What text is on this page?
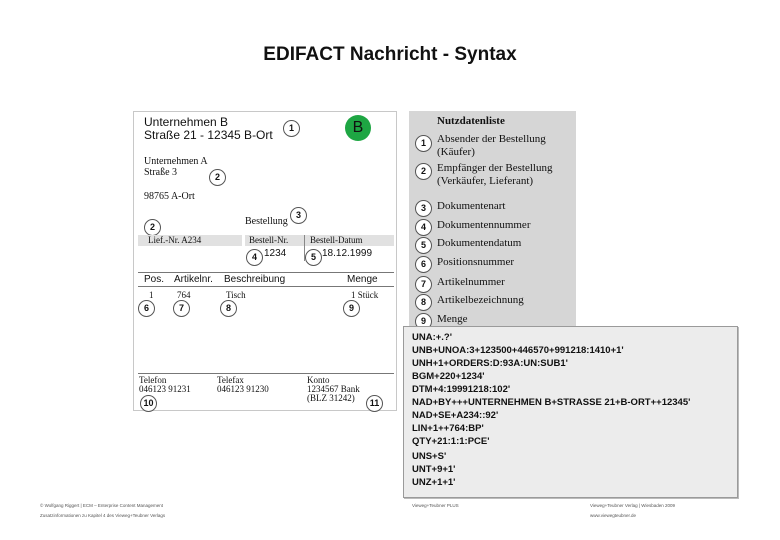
EDIFACT Nachricht - Syntax
Unternehmen B
Straße 21 - 12345 B-Ort	1	B
Unternehmen A
Straße 3	2
98765 A-Ort
2	Bestellung
3
Lief.-Nr. A234	Bestell-Nr. Bestell-Datum
4 1234	5 18.12.1999
Pos. Artikelnr. Beschreibung	Menge
1	764	Tisch	1 Stück
6	7	8	9
Telefon
046123 91231
Telefax
046123 91230
Konto
1234567 Bank
(BLZ 31242)
10	11
Nutzdatenliste
1	Absender der Bestellung
(Käufer)
2	Empfänger der Bestellung
(Verkäufer, Lieferant)
3	Dokumentenart
4	Dokumentennummer
5	Dokumentendatum
6	Positionsnummer
7	Artikelnummer
8	Artikelbezeichnung
9	Menge
UNA:+.?'
UNB+UNOA:3+123500+446570+991218:1410+1'
UNH+1+ORDERS:D:93A:UN:SUB1'
BGM+220+1234'
DTM+4:19991218:102'
NAD+BY+++UNTERNEHMEN B+STRASSE 21+B-ORT++12345'
NAD+SE+A234::92'
LIN+1++764:BP'
QTY+21:1:1:PCE'
UNS+S'
UNT+9+1'
UNZ+1+1'
© Wolfgang Riggert | ECM – Enterprise Content Management
Zusatzinformationen zu Kapitel 4 des Vieweg+Teubner Verlags
Vieweg+Teubner PLUS	Vieweg+Teubner Verlag | Wiesbaden 2009
www.viewegteubner.de
